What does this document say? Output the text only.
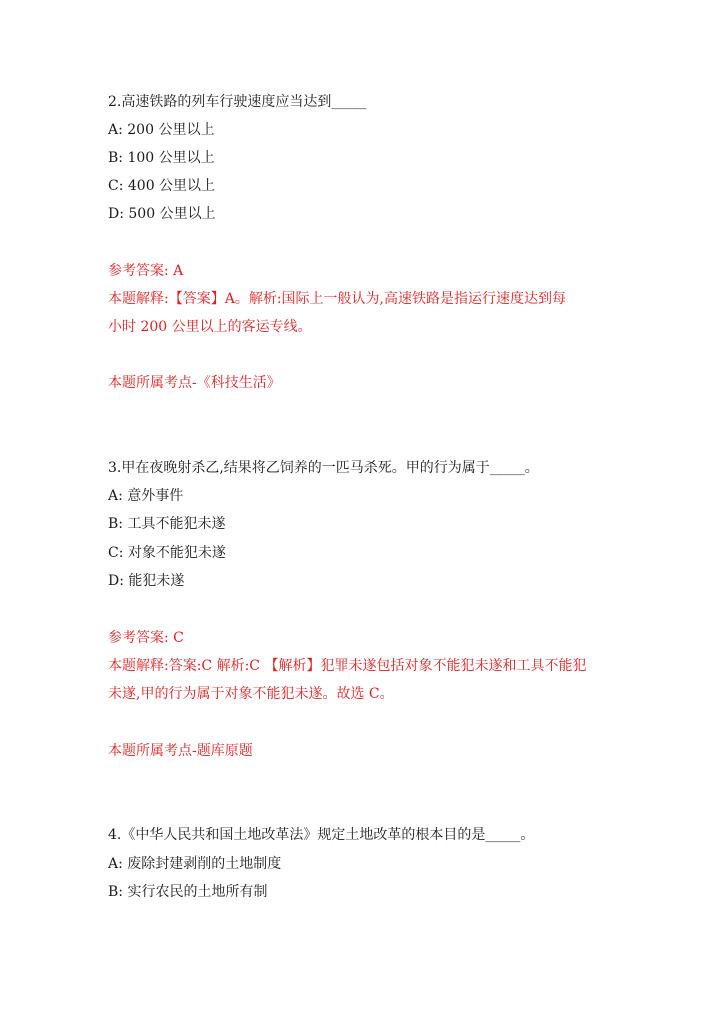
2.高速铁路的列车行驶速度应当达到_____
A: 200 公里以上
B: 100 公里以上
C: 400 公里以上
D: 500 公里以上
参考答案: A
本题解释:【答案】A。解析:国际上一般认为,高速铁路是指运行速度达到每
小时 200 公里以上的客运专线。
本题所属考点-《科技生活》
3.甲在夜晚射杀乙,结果将乙饲养的一匹马杀死。甲的行为属于_____。
A: 意外事件
B: 工具不能犯未遂
C: 对象不能犯未遂
D: 能犯未遂
参考答案: C
本题解释:答案:C 解析:C 【解析】犯罪未遂包括对象不能犯未遂和工具不能犯
未遂,甲的行为属于对象不能犯未遂。故选 C。
本题所属考点-题库原题
4.《中华人民共和国土地改革法》规定土地改革的根本目的是_____。
A: 废除封建剥削的土地制度
B: 实行农民的土地所有制
